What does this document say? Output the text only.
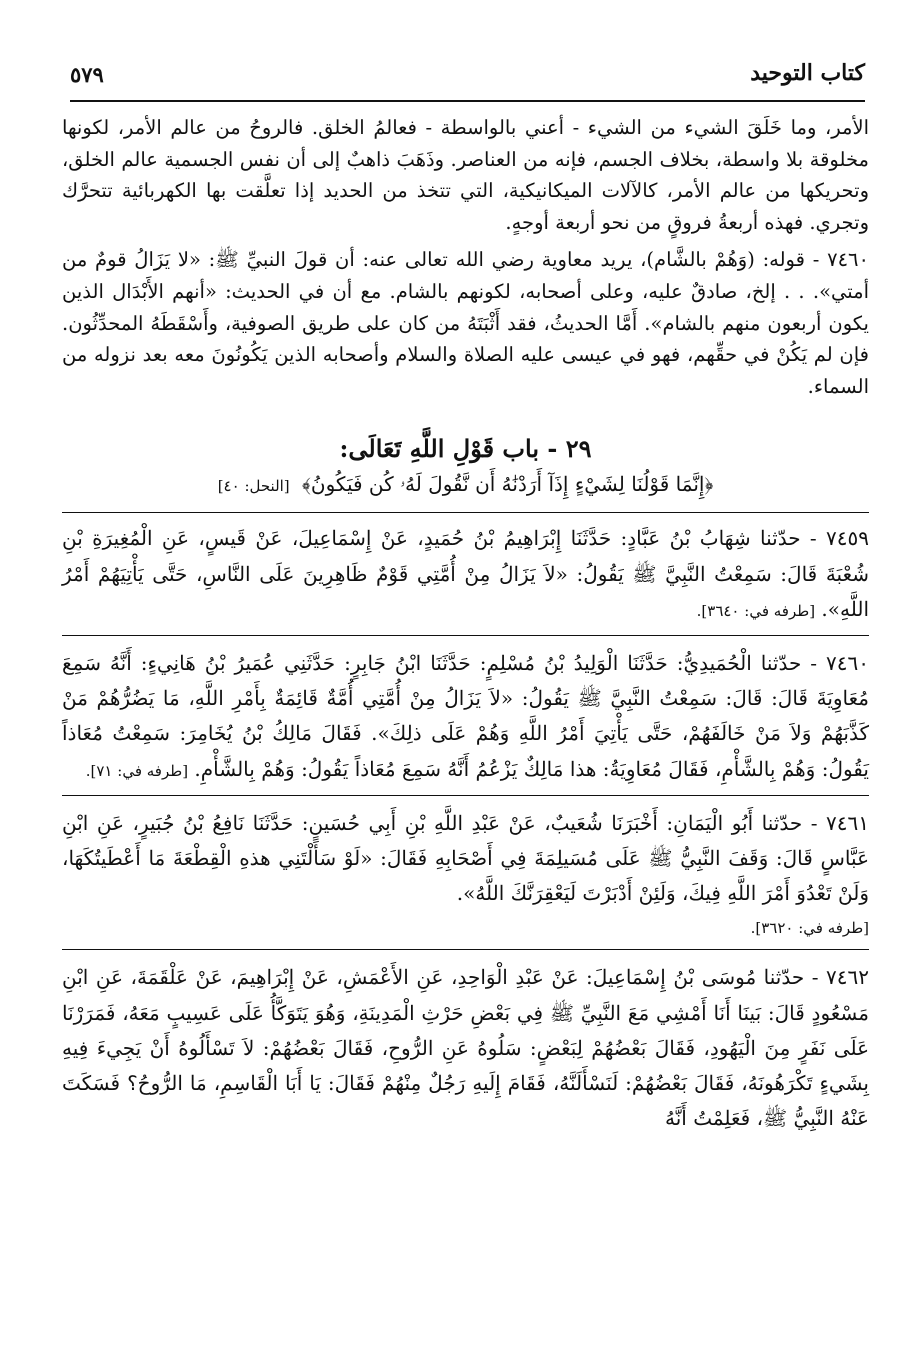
٥٧٩	كتاب التوحيد

الأمر، وما خَلَقَ الشيء من الشيء - أعني بالواسطة - فعالمُ الخلق. فالروحُ من عالم الأمر، لكونها مخلوقة بلا واسطة، بخلاف الجسم، فإنه من العناصر. وذَهَبَ ذاهبٌ إلى أن نفس الجسمية عالم الخلق، وتحريكها من عالم الأمر، كالآلات الميكانيكية، التي تتخذ من الحديد إذا تعلَّقت بها الكهربائية تتحرَّك وتجري. فهذه أربعةُ فروقٍ من نحو أربعة أوجهٍ.

٧٤٦٠ - قوله: (وَهُمْ بالشَّام)، يريد معاوية رضي الله تعالى عنه: أن قولَ النبيِّ ﷺ: «لا يَزَالُ قومٌ من أمتي». . . إلخ، صادقٌ عليه، وعلى أصحابه، لكونهم بالشام. مع أن في الحديث: «أنهم الأَبْدَال الذين يكون أربعون منهم بالشام». أَمَّا الحديثُ، فقد أَثْبَتَهُ من كان على طريق الصوفية، وأَسْقَطَهُ المحدِّثُون. فإن لم يَكُنْ في حقِّهم، فهو في عيسى عليه الصلاة والسلام وأصحابه الذين يَكُونُونَ معه بعد نزوله من السماء.

٢٩ - باب قَوْلِ اللَّهِ تَعَالَى:
﴿إِنَّمَا قَوْلُنَا لِشَيْءٍ إِذَآ أَرَدْنَٰهُ أَن نَّقُولَ لَهُۥ كُن فَيَكُونُ﴾ [النحل: ٤٠]

٧٤٥٩ - حدّثنا شِهَابُ بْنُ عَبَّادٍ: حَدَّثَنَا إِبْرَاهِيمُ بْنُ حُمَيدٍ، عَنْ إِسْمَاعِيلَ، عَنْ قَيسٍ، عَنِ الْمُغِيرَةِ بْنِ شُعْبَةَ قَالَ: سَمِعْتُ النَّبِيَّ ﷺ يَقُولُ: «لاَ يَزَالُ مِنْ أُمَّتِي قَوْمٌ ظَاهِرِينَ عَلَى النَّاسِ، حَتَّى يَأْتِيَهُمْ أَمْرُ اللَّهِ». [طرفه في: ٣٦٤٠].

٧٤٦٠ - حدّثنا الْحُمَيدِيُّ: حَدَّثَنَا الْوَلِيدُ بْنُ مُسْلِمٍ: حَدَّثَنَا ابْنُ جَابِرٍ: حَدَّثَنِي عُمَيرُ بْنُ هَانِيءٍ: أَنَّهُ سَمِعَ مُعَاوِيَةَ قَالَ: قَالَ: سَمِعْتُ النَّبِيَّ ﷺ يَقُولُ: «لاَ يَزَالُ مِنْ أُمَّتِي أُمَّةٌ قَائِمَةٌ بِأَمْرِ اللَّهِ، مَا يَضُرُّهُمْ مَنْ كَذَّبَهُمْ وَلاَ مَنْ خَالَفَهُمْ، حَتَّى يَأْتِيَ أَمْرُ اللَّهِ وَهُمْ عَلَى ذلِكَ». فَقَالَ مَالِكُ بْنُ يُخَامِرَ: سَمِعْتُ مُعَاذاً يَقُولُ: وَهُمْ بِالشَّأْمِ، فَقَالَ مُعَاوِيَةُ: هذا مَالِكٌ يَزْعُمُ أَنَّهُ سَمِعَ مُعَاذاً يَقُولُ: وَهُمْ بِالشَّأْمِ. [طرفه في: ٧١].

٧٤٦١ - حدّثنا أَبُو الْيَمَانِ: أَخْبَرَنَا شُعَيبٌ، عَنْ عَبْدِ اللَّهِ بْنِ أَبِي حُسَينٍ: حَدَّثَنَا نَافِعُ بْنُ جُبَيرٍ، عَنِ ابْنِ عَبَّاسٍ قَالَ: وَقَفَ النَّبِيُّ ﷺ عَلَى مُسَيلِمَةَ فِي أَصْحَابِهِ فَقَالَ: «لَوْ سَأَلْتَنِي هذهِ الْقِطْعَةَ مَا أَعْطَيتُكَهَا، وَلَنْ تَعْدُوَ أَمْرَ اللَّهِ فِيكَ، وَلَئِنْ أَدْبَرْتَ لَيَعْقِرَنَّكَ اللَّهُ».

[طرفه في: ٣٦٢٠].

٧٤٦٢ - حدّثنا مُوسَى بْنُ إِسْمَاعِيلَ: عَنْ عَبْدِ الْوَاحِدِ، عَنِ الأَعْمَشِ، عَنْ إِبْرَاهِيمَ، عَنْ عَلْقَمَةَ، عَنِ ابْنِ مَسْعُودٍ قَالَ: بَينَا أَنَا أَمْشِي مَعَ النَّبِيِّ ﷺ فِي بَعْضِ حَرْثِ الْمَدِينَةِ، وَهُوَ يَتَوَكَّأُ عَلَى عَسِيبٍ مَعَهُ، فَمَرَرْنَا عَلَى نَفَرٍ مِنَ الْيَهُودِ، فَقَالَ بَعْضُهُمْ لِبَعْضٍ: سَلُوهُ عَنِ الرُّوحِ، فَقَالَ بَعْضُهُمْ: لاَ تَسْأَلُوهُ أَنْ يَجِيءَ فِيهِ بِشَيءٍ تَكْرَهُونَهُ، فَقَالَ بَعْضُهُمْ: لَنَسْأَلَنَّهُ، فَقَامَ إِلَيهِ رَجُلٌ مِنْهُمْ فَقَالَ: يَا أَبَا الْقَاسِمِ، مَا الرُّوحُ؟ فَسَكَتَ عَنْهُ النَّبِيُّ ﷺ، فَعَلِمْتُ أَنَّهُ
